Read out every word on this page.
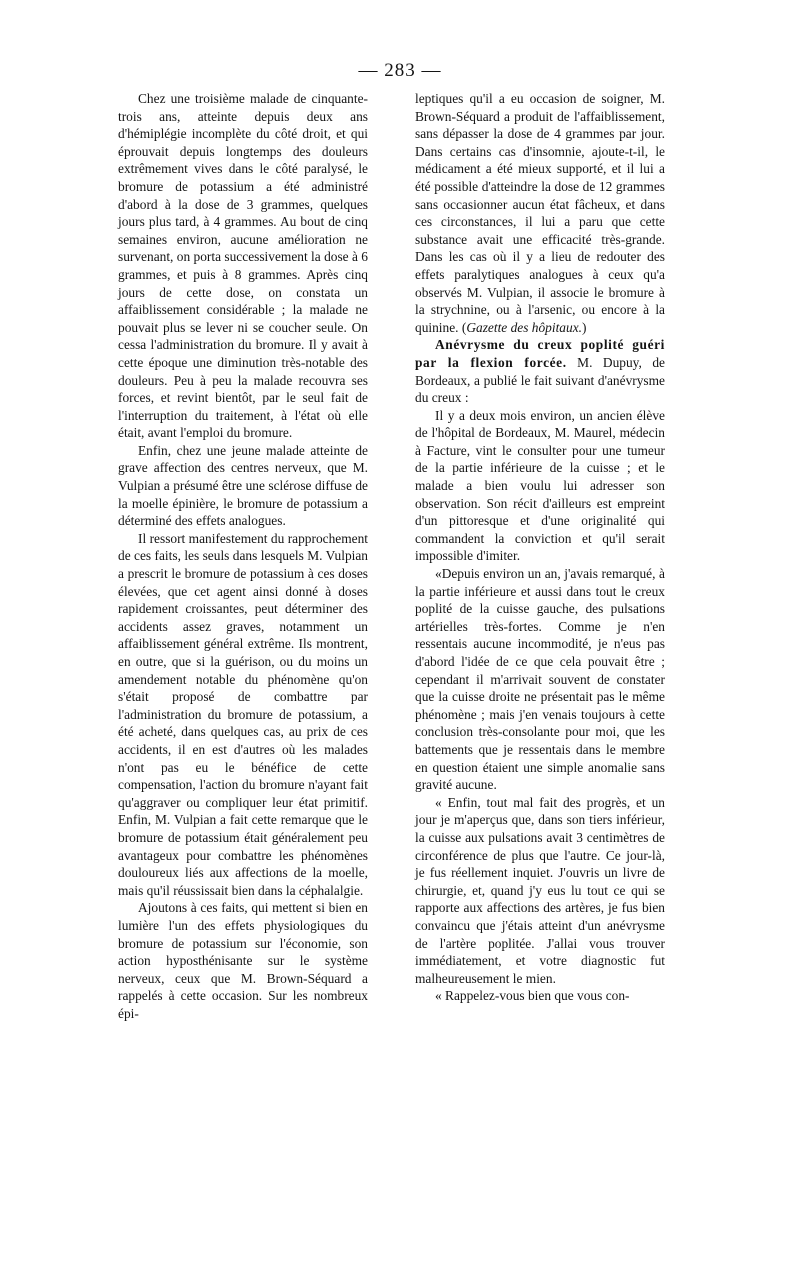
— 283 —

Chez une troisième malade de cinquante-trois ans, atteinte depuis deux ans d'hémiplégie incomplète du côté droit, et qui éprouvait depuis longtemps des douleurs extrêmement vives dans le côté paralysé, le bromure de potassium a été administré d'abord à la dose de 3 grammes, quelques jours plus tard, à 4 grammes. Au bout de cinq semaines environ, aucune amélioration ne survenant, on porta successivement la dose à 6 grammes, et puis à 8 grammes. Après cinq jours de cette dose, on constata un affaiblissement considérable ; la malade ne pouvait plus se lever ni se coucher seule. On cessa l'administration du bromure. Il y avait à cette époque une diminution très-notable des douleurs. Peu à peu la malade recouvra ses forces, et revint bientôt, par le seul fait de l'interruption du traitement, à l'état où elle était, avant l'emploi du bromure.

Enfin, chez une jeune malade atteinte de grave affection des centres nerveux, que M. Vulpian a présumé être une sclérose diffuse de la moelle épinière, le bromure de potassium a déterminé des effets analogues.

Il ressort manifestement du rapprochement de ces faits, les seuls dans lesquels M. Vulpian a prescrit le bromure de potassium à ces doses élevées, que cet agent ainsi donné à doses rapidement croissantes, peut déterminer des accidents assez graves, notamment un affaiblissement général extrême. Ils montrent, en outre, que si la guérison, ou du moins un amendement notable du phénomène qu'on s'était proposé de combattre par l'administration du bromure de potassium, a été acheté, dans quelques cas, au prix de ces accidents, il en est d'autres où les malades n'ont pas eu le bénéfice de cette compensation, l'action du bromure n'ayant fait qu'aggraver ou compliquer leur état primitif. Enfin, M. Vulpian a fait cette remarque que le bromure de potassium était généralement peu avantageux pour combattre les phénomènes douloureux liés aux affections de la moelle, mais qu'il réussissait bien dans la céphalalgie.

Ajoutons à ces faits, qui mettent si bien en lumière l'un des effets physiologiques du bromure de potassium sur l'économie, son action hyposthénisante sur le système nerveux, ceux que M. Brown-Séquard a rappelés à cette occasion. Sur les nombreux épi-

leptiques qu'il a eu occasion de soigner, M. Brown-Séquard a produit de l'affaiblissement, sans dépasser la dose de 4 grammes par jour. Dans certains cas d'insomnie, ajoute-t-il, le médicament a été mieux supporté, et il lui a été possible d'atteindre la dose de 12 grammes sans occasionner aucun état fâcheux, et dans ces circonstances, il lui a paru que cette substance avait une efficacité très-grande. Dans les cas où il y a lieu de redouter des effets paralytiques analogues à ceux qu'a observés M. Vulpian, il associe le bromure à la strychnine, ou à l'arsenic, ou encore à la quinine. (Gazette des hôpitaux.)

Anévrysme du creux poplité guéri par la flexion forcée. M. Dupuy, de Bordeaux, a publié le fait suivant d'anévrysme du creux :

Il y a deux mois environ, un ancien élève de l'hôpital de Bordeaux, M. Maurel, médecin à Facture, vint le consulter pour une tumeur de la partie inférieure de la cuisse ; et le malade a bien voulu lui adresser son observation. Son récit d'ailleurs est empreint d'un pittoresque et d'une originalité qui commandent la conviction et qu'il serait impossible d'imiter.

«Depuis environ un an, j'avais remarqué, à la partie inférieure et aussi dans tout le creux poplité de la cuisse gauche, des pulsations artérielles très-fortes. Comme je n'en ressentais aucune incommodité, je n'eus pas d'abord l'idée de ce que cela pouvait être ; cependant il m'arrivait souvent de constater que la cuisse droite ne présentait pas le même phénomène ; mais j'en venais toujours à cette conclusion très-consolante pour moi, que les battements que je ressentais dans le membre en question étaient une simple anomalie sans gravité aucune.

« Enfin, tout mal fait des progrès, et un jour je m'aperçus que, dans son tiers inférieur, la cuisse aux pulsations avait 3 centimètres de circonférence de plus que l'autre. Ce jour-là, je fus réellement inquiet. J'ouvris un livre de chirurgie, et, quand j'y eus lu tout ce qui se rapporte aux affections des artères, je fus bien convaincu que j'étais atteint d'un anévrysme de l'artère poplitée. J'allai vous trouver immédiatement, et votre diagnostic fut malheureusement le mien.

« Rappelez-vous bien que vous con-
